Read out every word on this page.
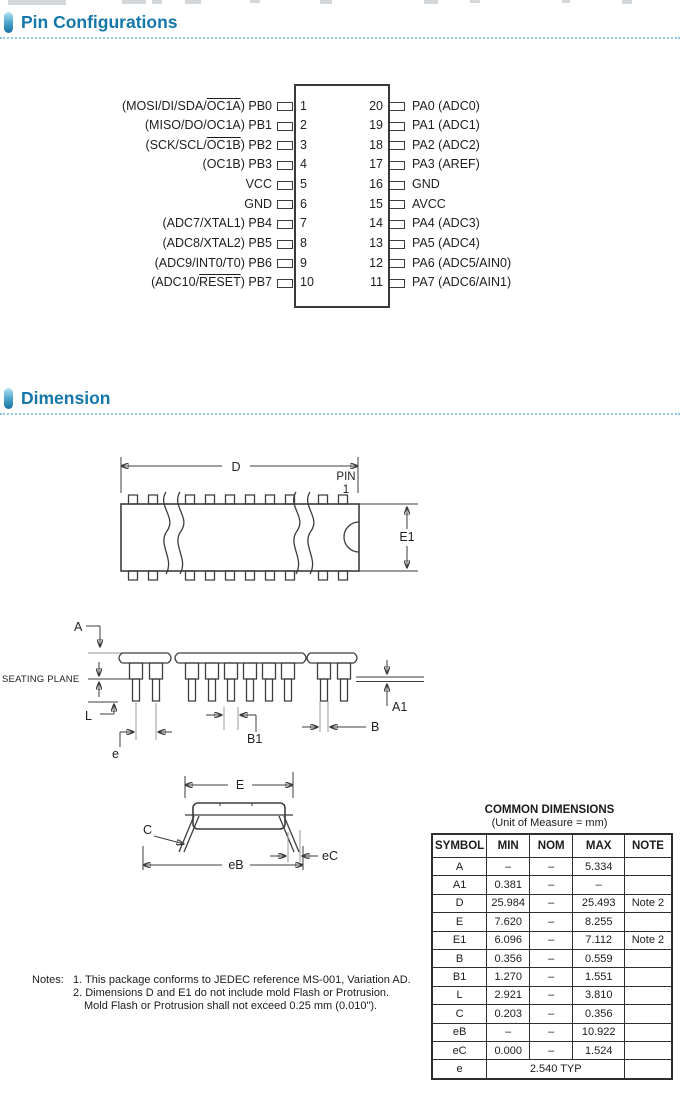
Pin Configurations
(MOSI/DI/SDA/OC1A) PB0 1	20 PA0 (ADC0)
(MISO/DO/OC1A) PB1 2	19 PA1 (ADC1)
(SCK/SCL/OC1B) PB2 3	18 PA2 (ADC2)
(OC1B) PB3 4	17 PA3 (AREF)
VCC 5	16 GND
GND 6	15 AVCC
(ADC7/XTAL1) PB4 7	14 PA4 (ADC3)
(ADC8/XTAL2) PB5 8	13 PA5 (ADC4)
(ADC9/INT0/T0) PB6 9	12 PA6 (ADC5/AIN0)
(ADC10/RESET) PB7 10	11 PA7 (ADC6/AIN1)
Dimension
D
PIN
1
E1
A
SEATING PLANE
L
e
B1
B
A1
E
C
eC
eB
COMMON DIMENSIONS
(Unit of Measure = mm)
SYMBOL	MIN	NOM	MAX	NOTE
A	–	–	5.334	
A1	0.381	–	–	
D	25.984	–	25.493	Note 2
E	7.620	–	8.255	
E1	6.096	–	7.112	Note 2
B	0.356	–	0.559	
B1	1.270	–	1.551	
L	2.921	–	3.810	
C	0.203	–	0.356	
eB	–	–	10.922	
eC	0.000	–	1.524	
e	2.540 TYP			
Notes: 1. This package conforms to JEDEC reference MS-001, Variation AD.
2. Dimensions D and E1 do not include mold Flash or Protrusion.
Mold Flash or Protrusion shall not exceed 0.25 mm (0.010").
